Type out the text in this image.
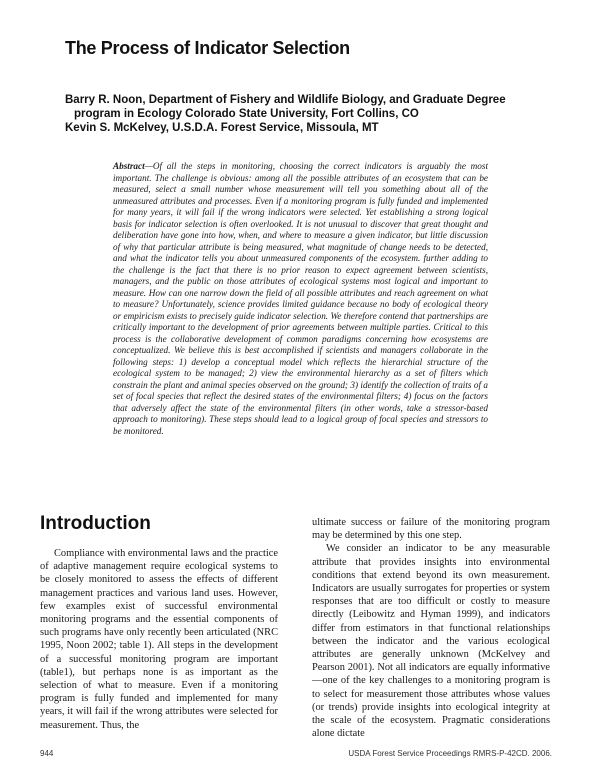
The Process of Indicator Selection
Barry R. Noon, Department of Fishery and Wildlife Biology, and Graduate Degree program in Ecology Colorado State University, Fort Collins, CO
Kevin S. McKelvey, U.S.D.A. Forest Service, Missoula, MT
Abstract—Of all the steps in monitoring, choosing the correct indicators is arguably the most important. The challenge is obvious: among all the possible attributes of an ecosystem that can be measured, select a small number whose measurement will tell you something about all of the unmeasured attributes and processes. Even if a monitoring program is fully funded and implemented for many years, it will fail if the wrong indicators were selected. Yet establishing a strong logical basis for indicator selection is often overlooked. It is not unusual to discover that great thought and deliberation have gone into how, when, and where to measure a given indicator, but little discussion of why that particular attribute is being measured, what magnitude of change needs to be detected, and what the indicator tells you about unmeasured components of the ecosystem. further adding to the challenge is the fact that there is no prior reason to expect agreement between scientists, managers, and the public on those attributes of ecological systems most logical and important to measure. How can one narrow down the field of all possible attributes and reach agreement on what to measure? Unfortunately, science provides limited guidance because no body of ecological theory or empiricism exists to precisely guide indicator selection. We therefore contend that partnerships are critically important to the development of prior agreements between multiple parties. Critical to this process is the collaborative development of common paradigms concerning how ecosystems are conceptualized. We believe this is best accomplished if scientists and managers collaborate in the following steps: 1) develop a conceptual model which reflects the hierarchial structure of the ecological system to be managed; 2) view the environmental hierarchy as a set of filters which constrain the plant and animal species observed on the ground; 3) identify the collection of traits of a set of focal species that reflect the desired states of the environmental filters; 4) focus on the factors that adversely affect the state of the environmental filters (in other words, take a stressor-based approach to monitoring). These steps should lead to a logical group of focal species and stressors to be monitored.
Introduction

Compliance with environmental laws and the practice of adaptive management require ecological systems to be closely monitored to assess the effects of different management practices and various land uses. However, few examples exist of successful environmental monitoring programs and the essential components of such programs have only recently been articulated (NRC 1995, Noon 2002; table 1). All steps in the development of a successful monitoring program are important (table1), but perhaps none is as important as the selection of what to measure. Even if a monitoring program is fully funded and implemented for many years, it will fail if the wrong attributes were selected for measurement. Thus, the

ultimate success or failure of the monitoring program may be determined by this one step.

We consider an indicator to be any measurable attribute that provides insights into environmental conditions that extend beyond its own measurement. Indicators are usually surrogates for properties or system responses that are too difficult or costly to measure directly (Leibowitz and Hyman 1999), and indicators differ from estimators in that functional relationships between the indicator and the various ecological attributes are generally unknown (McKelvey and Pearson 2001). Not all indicators are equally informative—one of the key challenges to a monitoring program is to select for measurement those attributes whose values (or trends) provide insights into ecological integrity at the scale of the ecosystem. Pragmatic considerations alone dictate

944	USDA Forest Service Proceedings RMRS-P-42CD. 2006.
